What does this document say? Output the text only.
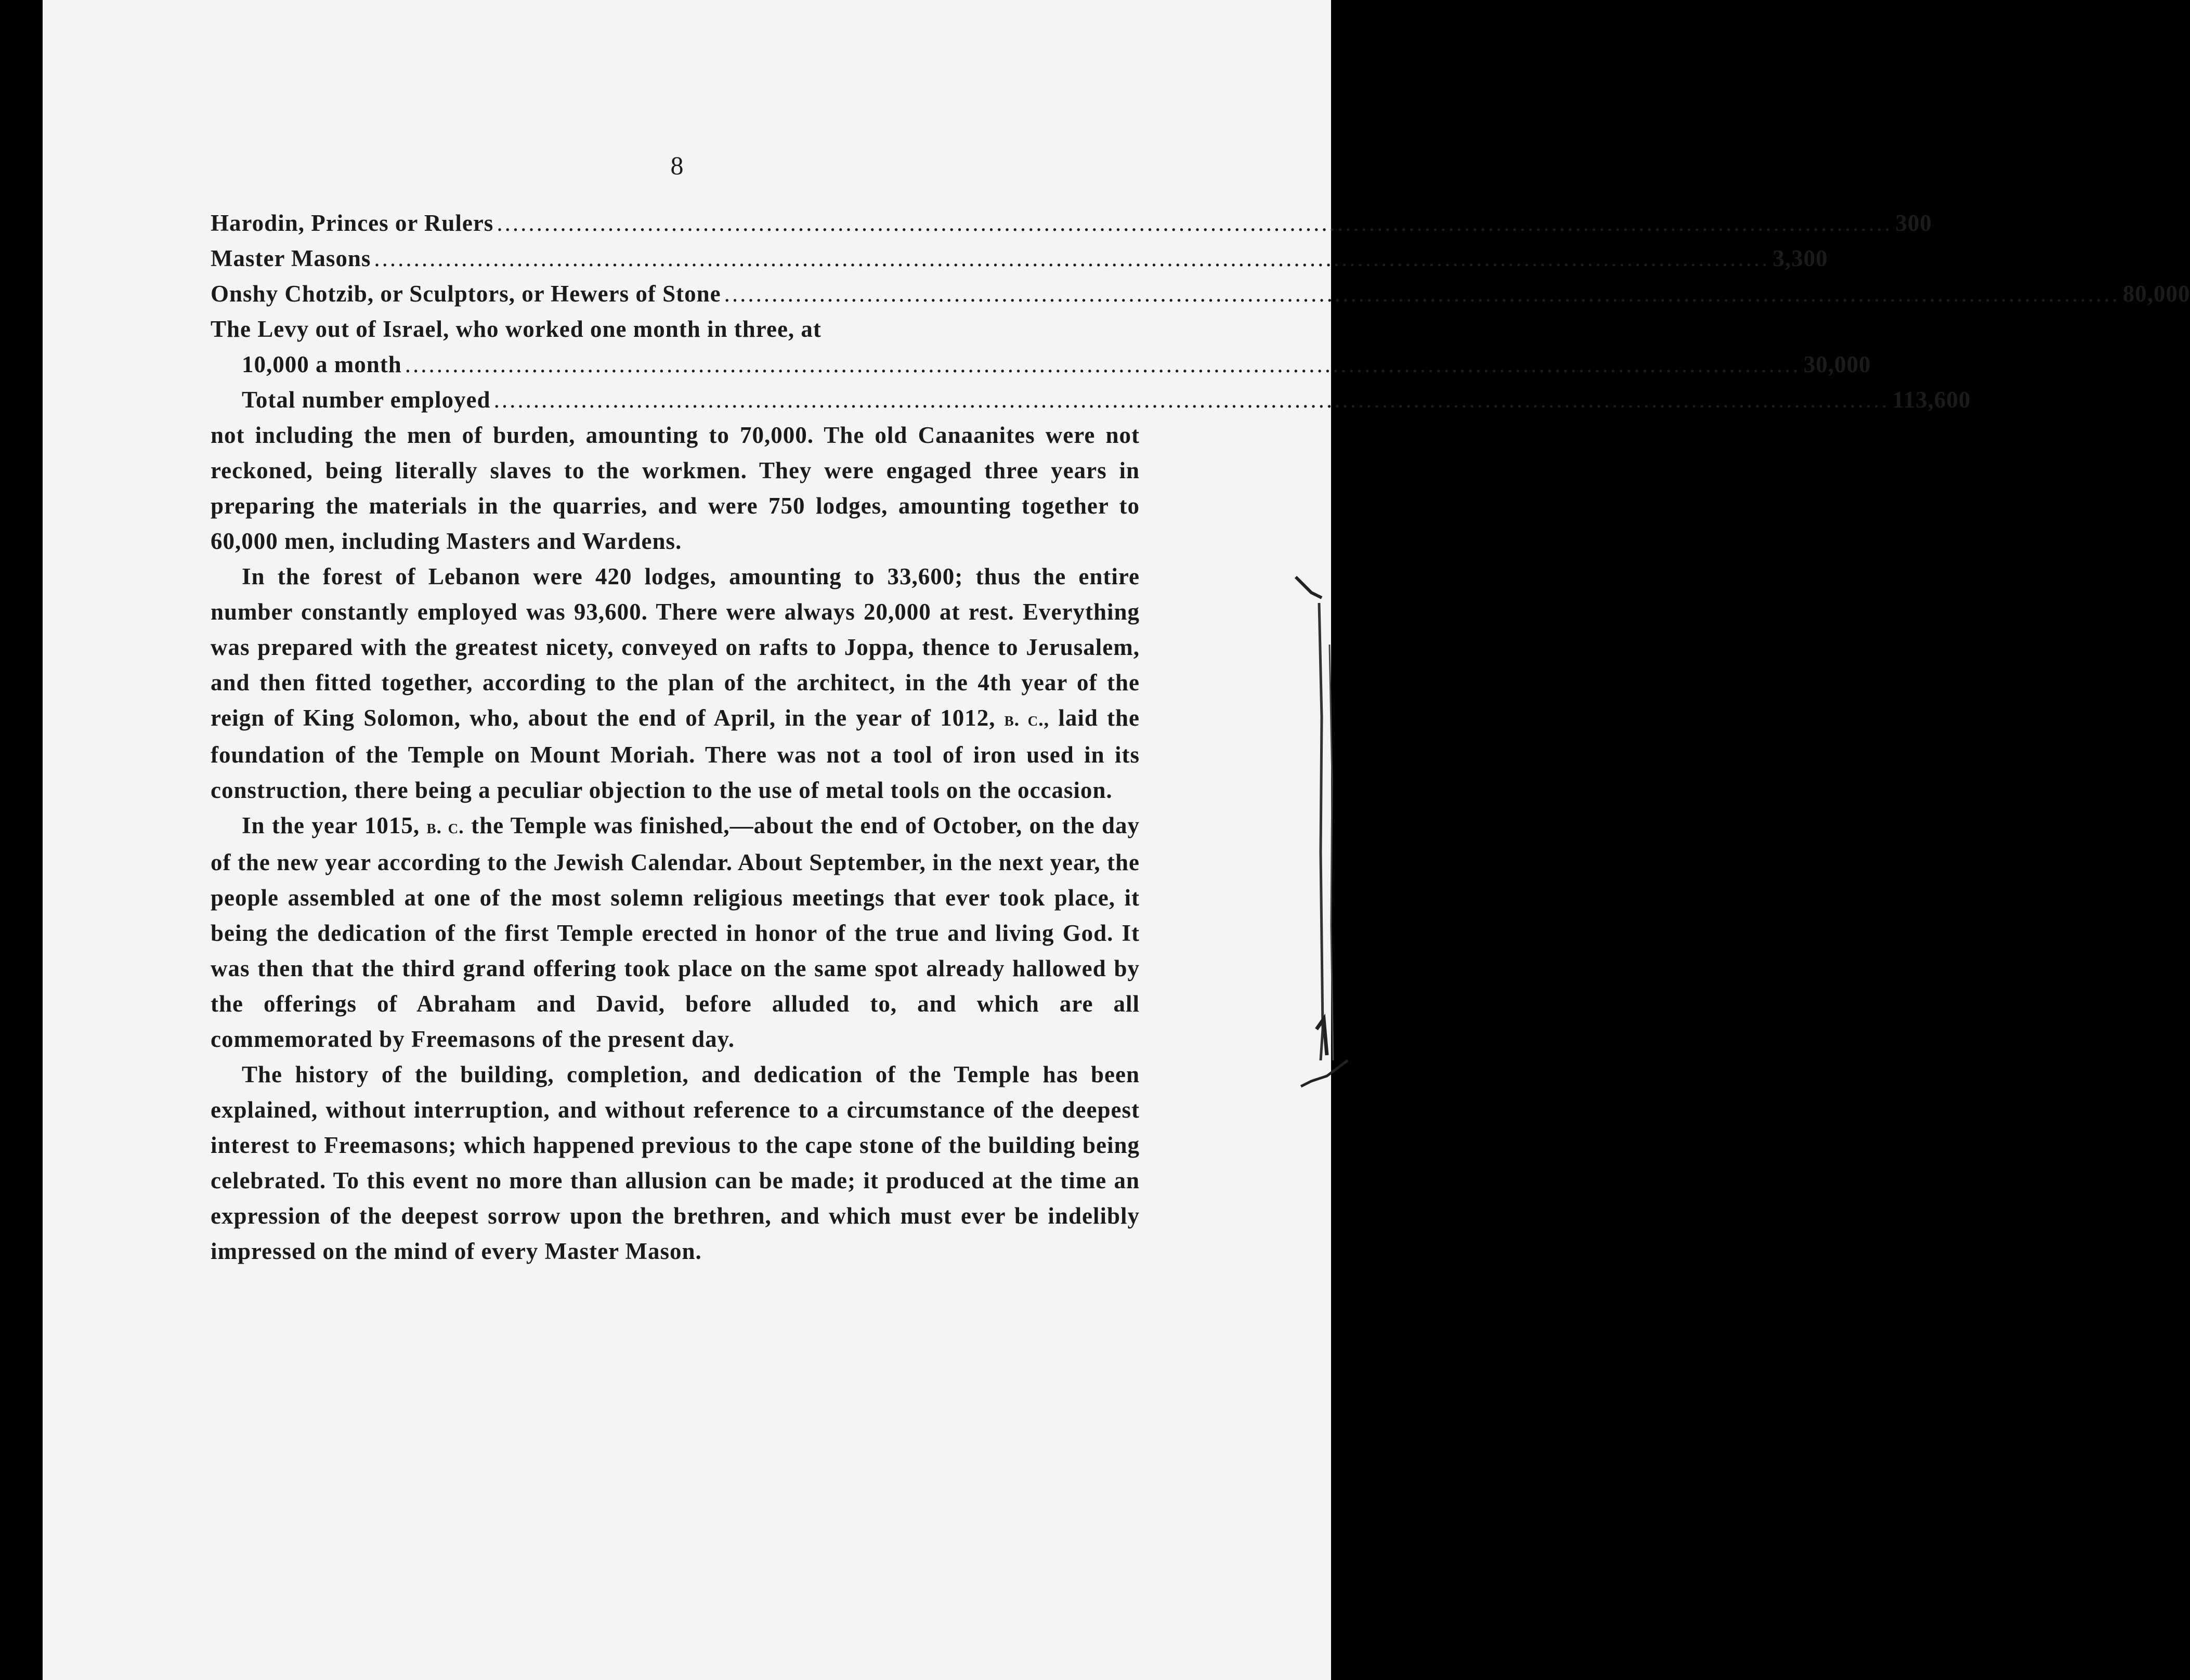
8
Harodin, Princes or Rulers ................................................................................................................................................................................ 300
Master Masons ................................................................................................................................................................................ 3,300
Onshy Chotzib, or Sculptors, or Hewers of Stone ................................................................................................................................................................................ 80,000
The Levy out of Israel, who worked one month in three, at
10,000 a month ................................................................................................................................................................................ 30,000
Total number employed ................................................................................................................................................................................ 113,600

not including the men of burden, amounting to 70,000. The old Canaanites were not reckoned, being literally slaves to the workmen. They were engaged three years in preparing the materials in the quarries, and were 750 lodges, amounting together to 60,000 men, including Masters and Wardens.

In the forest of Lebanon were 420 lodges, amounting to 33,600; thus the entire number constantly employed was 93,600. There were always 20,000 at rest. Everything was prepared with the greatest nicety, conveyed on rafts to Joppa, thence to Jerusalem, and then fitted together, according to the plan of the architect, in the 4th year of the reign of King Solomon, who, about the end of April, in the year of 1012, b. c., laid the foundation of the Temple on Mount Moriah. There was not a tool of iron used in its construction, there being a peculiar objection to the use of metal tools on the occasion.

In the year 1015, b. c. the Temple was finished,—about the end of October, on the day of the new year according to the Jewish Calendar. About September, in the next year, the people assembled at one of the most solemn religious meetings that ever took place, it being the dedication of the first Temple erected in honor of the true and living God. It was then that the third grand offering took place on the same spot already hallowed by the offerings of Abraham and David, before alluded to, and which are all commemorated by Freemasons of the present day.

The history of the building, completion, and dedication of the Temple has been explained, without interruption, and without reference to a circumstance of the deepest interest to Freemasons; which happened previous to the cape stone of the building being celebrated. To this event no more than allusion can be made; it produced at the time an expression of the deepest sorrow upon the brethren, and which must ever be indelibly impressed on the mind of every Master Mason.
